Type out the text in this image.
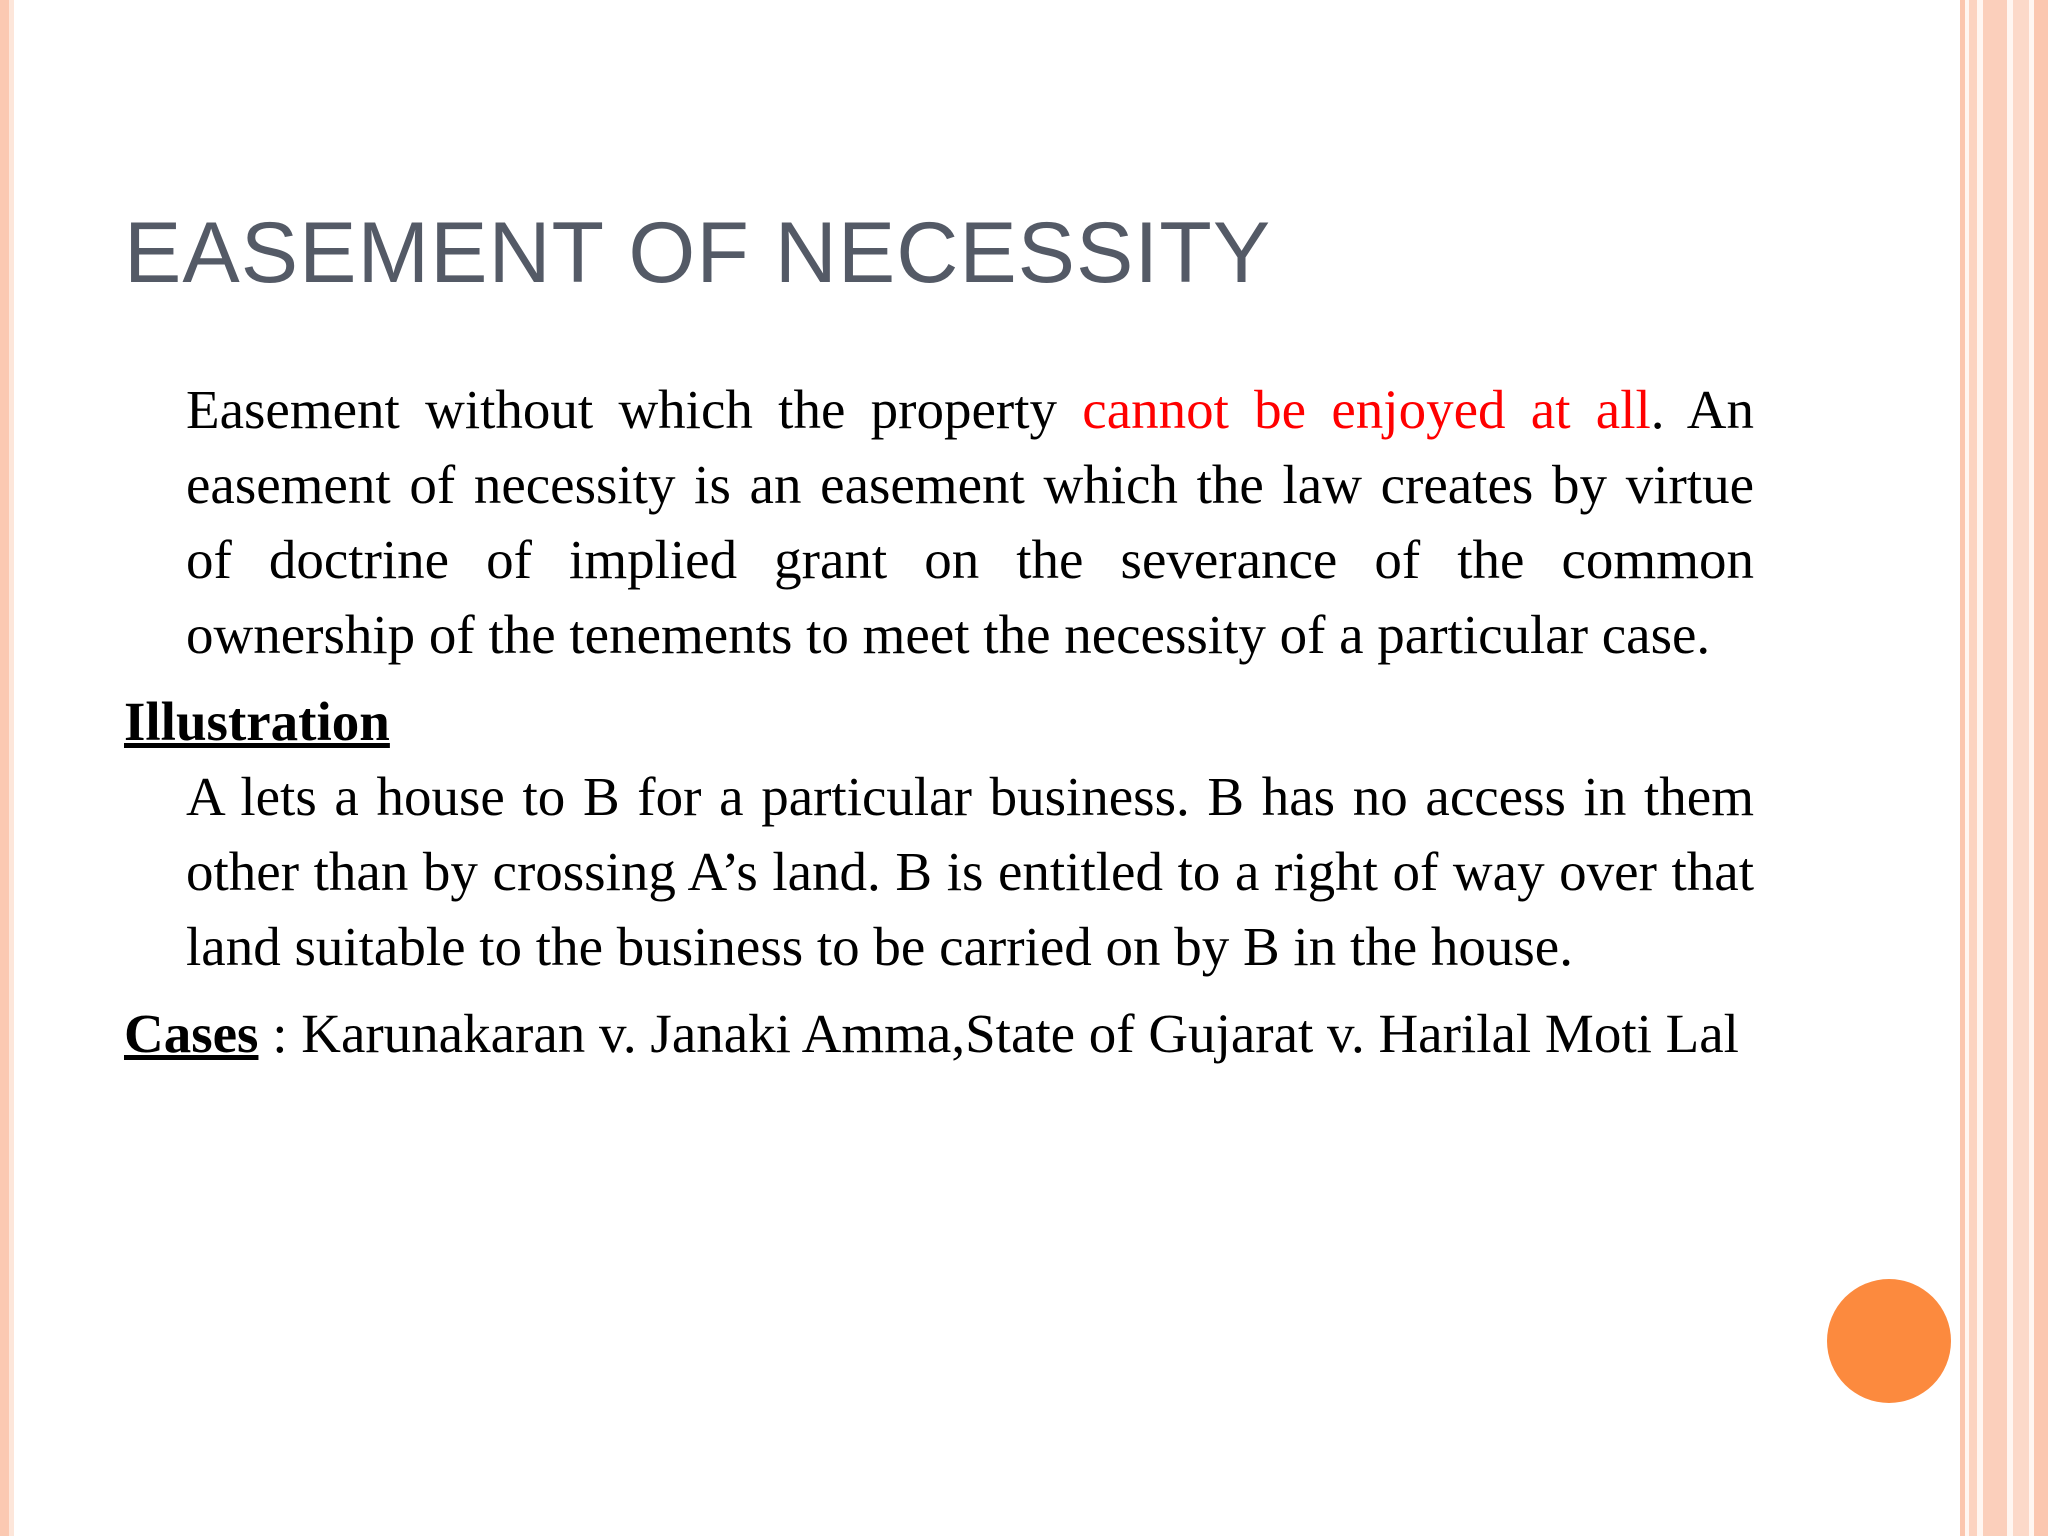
EASEMENT OF NECESSITY

Easement without which the property cannot be enjoyed at all. An easement of necessity is an easement which the law creates by virtue of doctrine of implied grant on the severance of the common ownership of the tenements to meet the necessity of a particular case.

Illustration

A lets a house to B for a particular business. B has no access in them other than by crossing A’s land. B is entitled to a right of way over that land suitable to the business to be carried on by B in the house.

Cases : Karunakaran v. Janaki Amma,State of Gujarat v. Harilal Moti Lal
